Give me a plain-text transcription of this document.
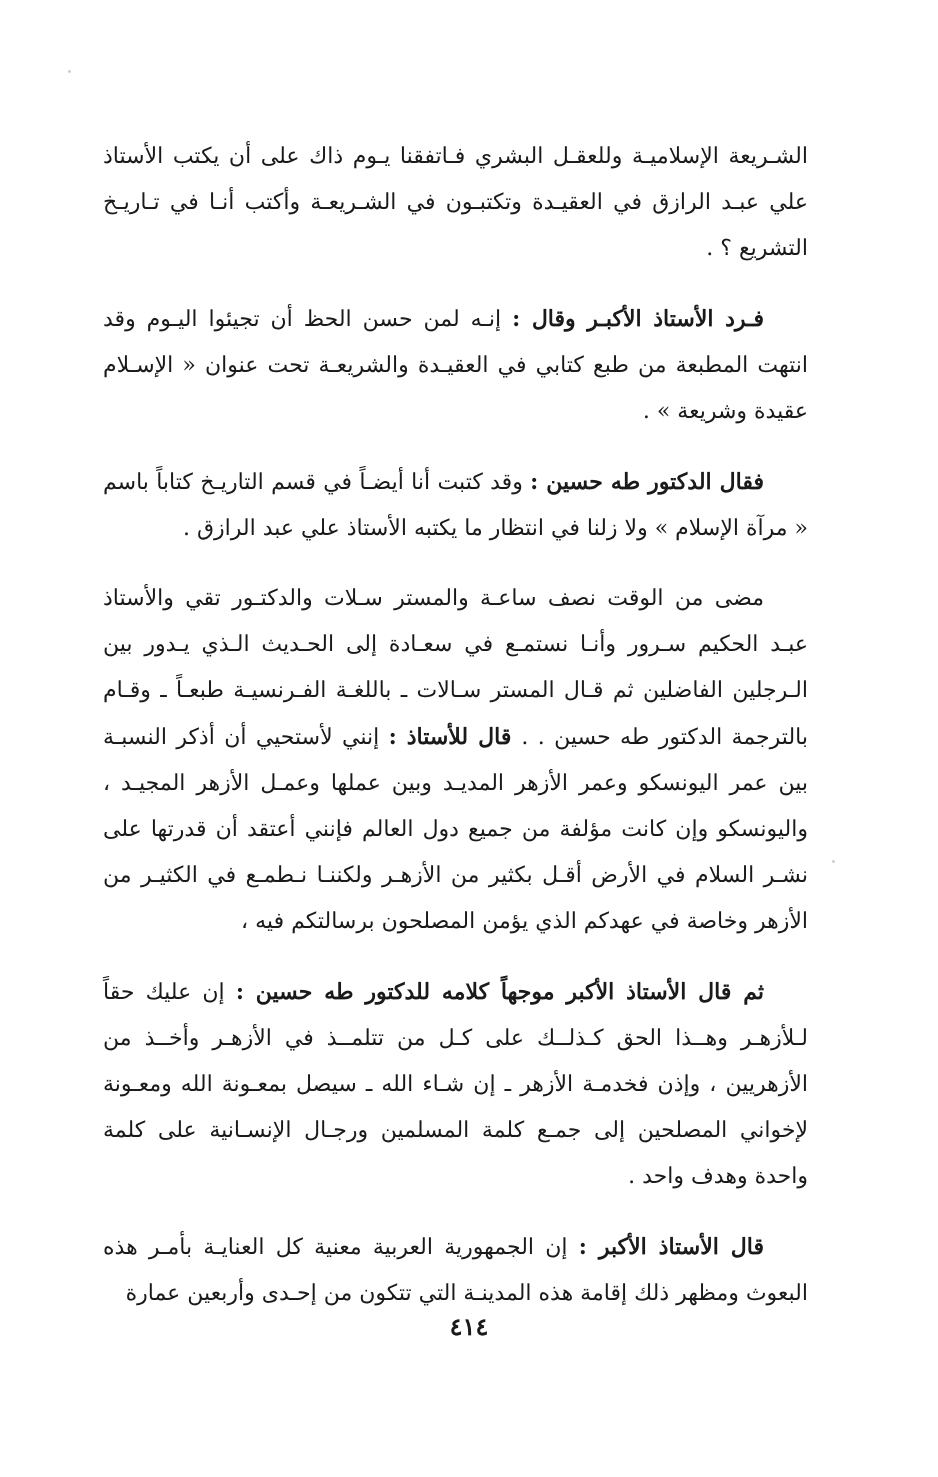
الشـريعة الإسلاميـة وللعقـل البشري فـاتفقنا يـوم ذاك على أن يكتب الأستاذ علي عبـد الرازق في العقيـدة وتكتبـون في الشـريعـة وأكتب أنـا في تـاريـخ التشريع ؟ .

فـرد الأستاذ الأكبـر وقال : إنـه لمن حسن الحظ أن تجيئوا اليـوم وقد انتهت المطبعة من طبع كتابي في العقيـدة والشريعـة تحت عنوان « الإسـلام عقيدة وشريعة » .

فقال الدكتور طه حسين : وقد كتبت أنا أيضـاً في قسم التاريـخ كتاباً باسم « مرآة الإسلام » ولا زلنا في انتظار ما يكتبه الأستاذ علي عبد الرازق .

مضى من الوقت نصف ساعـة والمستر سـلات والدكتـور تقي والأستاذ عبـد الحكيم سـرور وأنـا نستمـع في سعـادة إلى الحـديث الـذي يـدور بين الـرجلين الفاضلين ثم قـال المستر سـالات ـ باللغـة الفـرنسيـة طبعـاً ـ وقـام بالترجمة الدكتور طه حسين . . قال للأستاذ : إنني لأستحيي أن أذكر النسبـة بين عمر اليونسكو وعمر الأزهر المديـد وبين عملها وعمـل الأزهر المجيـد ، واليونسكو وإن كانت مؤلفة من جميع دول العالم فإنني أعتقد أن قدرتها على نشـر السلام في الأرض أقـل بكثير من الأزهـر ولكننـا نـطمـع في الكثيـر من الأزهر وخاصة في عهدكم الذي يؤمن المصلحون برسالتكم فيه ،

ثم قال الأستاذ الأكبر موجهاً كلامه للدكتور طه حسين : إن عليك حقاً لـلأزهـر وهــذا الحق كـذلــك على كـل من تتلمــذ في الأزهـر وأخــذ من الأزهريين ، وإذن فخدمـة الأزهر ـ إن شـاء الله ـ سيصل بمعـونة الله ومعـونة لإخواني المصلحين إلى جمـع كلمة المسلمين ورجـال الإنسـانية على كلمة واحدة وهدف واحد .

قال الأستاذ الأكبر : إن الجمهورية العربية معنية كل العنايـة بأمـر هذه البعوث ومظهر ذلك إقامة هذه المدينـة التي تتكون من إحـدى وأربعين عمارة

٤١٤
